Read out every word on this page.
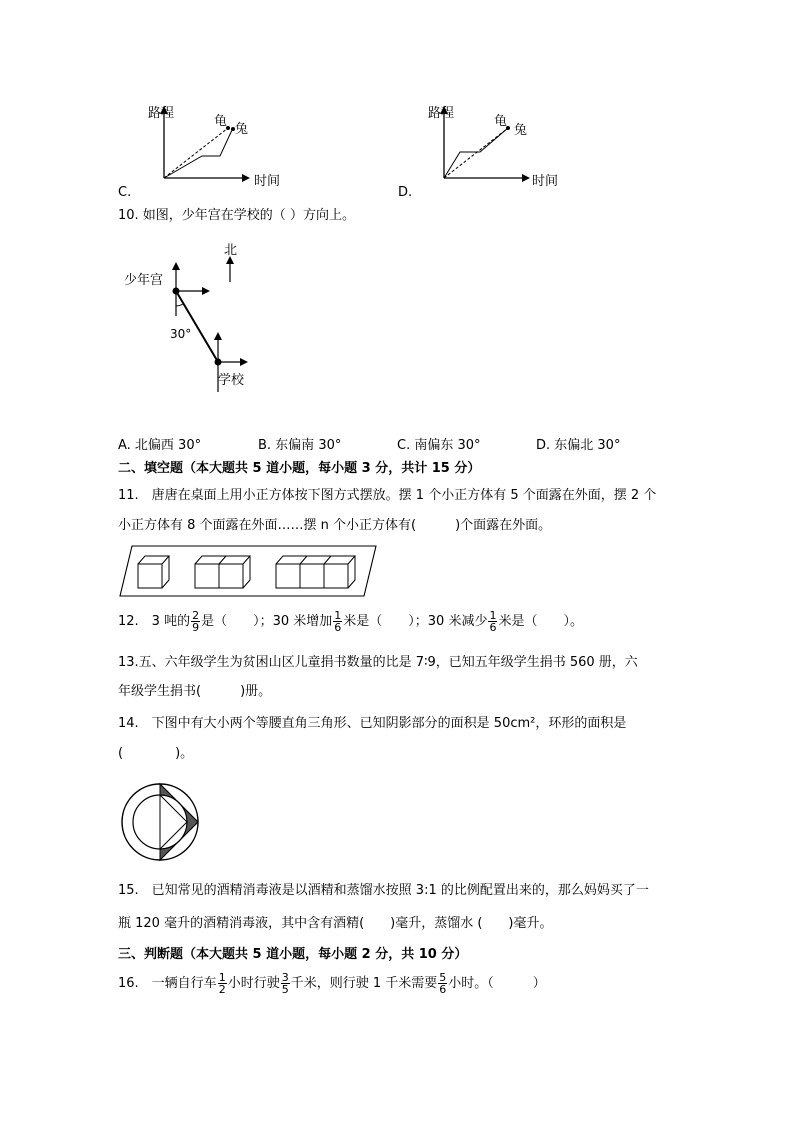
路程
时间
龟
兔
C.
路程
时间
龟
兔
D.
10. 如图，少年宫在学校的（ ）方向上。
北
少年宫
30°
学校
A. 北偏西 30°	B. 东偏南 30°	C. 南偏东 30°	D. 东偏北 30°
二、填空题（本大题共 5 道小题，每小题 3 分，共计 15 分）
11.　唐唐在桌面上用小正方体按下图方式摆放。摆 1 个小正方体有 5 个面露在外面，摆 2 个
小正方体有 8 个面露在外面……摆 n 个小正方体有(　　　)个面露在外面。
12.　3 吨的 $\frac{2}{9}$ 是（　　）；30 米增加 $\frac{1}{6}$ 米是（　　）；30 米减少 $\frac{1}{6}$ 米是（　　）。
13.五、六年级学生为贫困山区儿童捐书数量的比是 7∶9，已知五年级学生捐书 560 册，六
年级学生捐书(　　　)册。
14.　下图中有大小两个等腰直角三角形、已知阴影部分的面积是 50cm²，环形的面积是
(　　　　)。
15.　已知常见的酒精消毒液是以酒精和蒸馏水按照 3:1 的比例配置出来的，那么妈妈买了一
瓶 120 毫升的酒精消毒液，其中含有酒精(　　)毫升，蒸馏水 (　　)毫升。
三、判断题（本大题共 5 道小题，每小题 2 分，共 10 分）
16.　一辆自行车 $\frac{1}{2}$ 小时行驶 $\frac{3}{5}$ 千米，则行驶 1 千米需要 $\frac{5}{6}$ 小时。（　　　）
